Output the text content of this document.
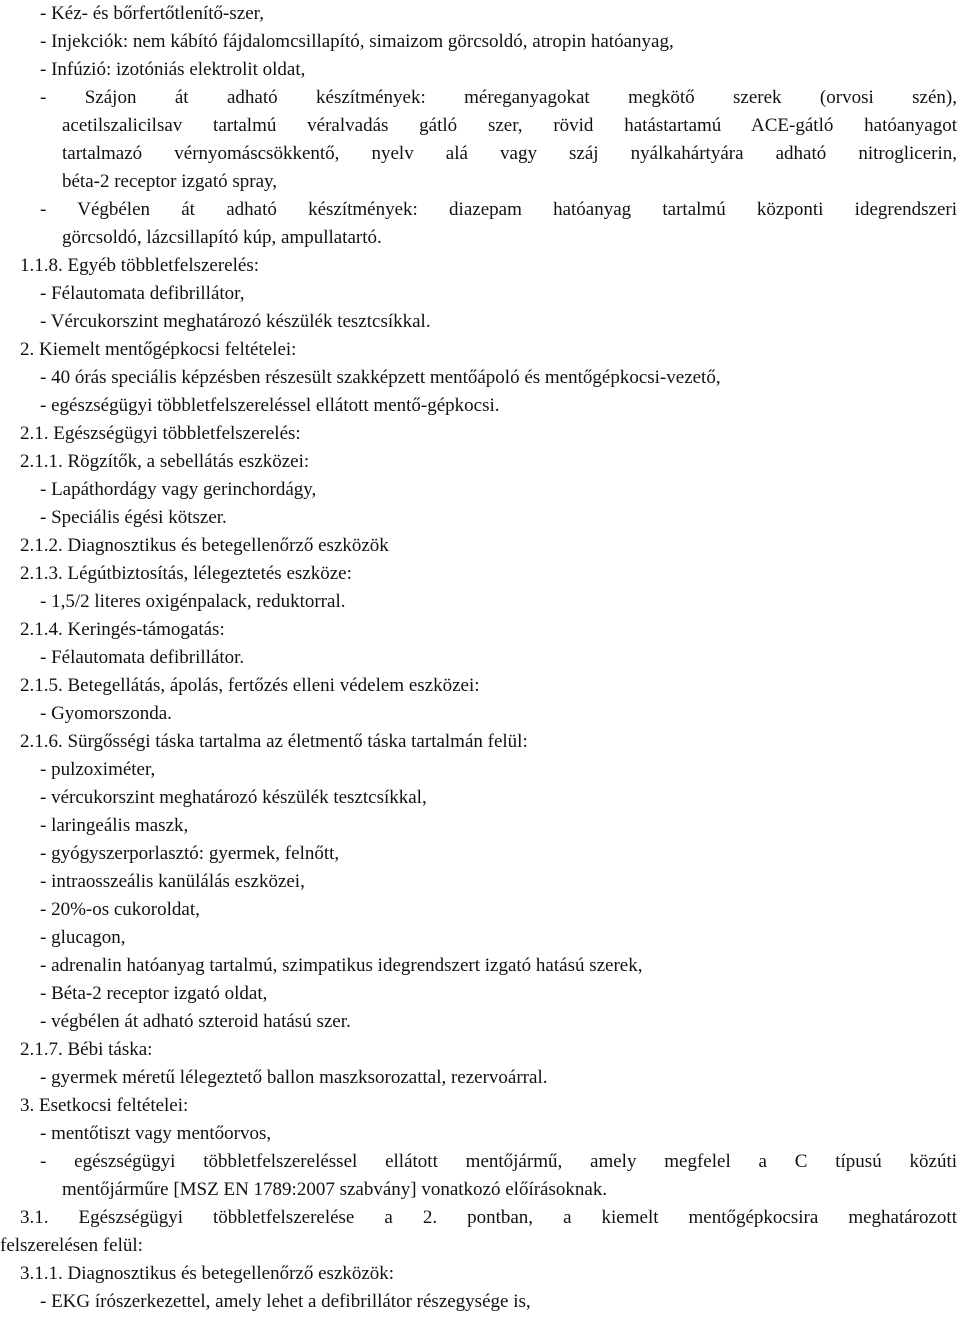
- Kéz- és bőrfertőtlenítő-szer,
- Injekciók: nem kábító fájdalomcsillapító, simaizom görcsoldó, atropin hatóanyag,
- Infúzió: izotóniás elektrolit oldat,
- Szájon át adható készítmények: méreganyagokat megkötő szerek (orvosi szén),
acetilszalicilsav tartalmú véralvadás gátló szer, rövid hatástartamú ACE-gátló hatóanyagot
tartalmazó vérnyomáscsökkentő, nyelv alá vagy száj nyálkahártyára adható nitroglicerin,
béta-2 receptor izgató spray,
- Végbélen át adható készítmények: diazepam hatóanyag tartalmú központi idegrendszeri
görcsoldó, lázcsillapító kúp, ampullatartó.
1.1.8. Egyéb többletfelszerelés:
- Félautomata defibrillátor,
- Vércukorszint meghatározó készülék tesztcsíkkal.
2. Kiemelt mentőgépkocsi feltételei:
- 40 órás speciális képzésben részesült szakképzett mentőápoló és mentőgépkocsi-vezető,
- egészségügyi többletfelszereléssel ellátott mentő-gépkocsi.
2.1. Egészségügyi többletfelszerelés:
2.1.1. Rögzítők, a sebellátás eszközei:
- Lapáthordágy vagy gerinchordágy,
- Speciális égési kötszer.
2.1.2. Diagnosztikus és betegellenőrző eszközök
2.1.3. Légútbiztosítás, lélegeztetés eszköze:
- 1,5/2 literes oxigénpalack, reduktorral.
2.1.4. Keringés-támogatás:
- Félautomata defibrillátor.
2.1.5. Betegellátás, ápolás, fertőzés elleni védelem eszközei:
- Gyomorszonda.
2.1.6. Sürgősségi táska tartalma az életmentő táska tartalmán felül:
- pulzoximéter,
- vércukorszint meghatározó készülék tesztcsíkkal,
- laringeális maszk,
- gyógyszerporlasztó: gyermek, felnőtt,
- intraosszeális kanülálás eszközei,
- 20%-os cukoroldat,
- glucagon,
- adrenalin hatóanyag tartalmú, szimpatikus idegrendszert izgató hatású szerek,
- Béta-2 receptor izgató oldat,
- végbélen át adható szteroid hatású szer.
2.1.7. Bébi táska:
- gyermek méretű lélegeztető ballon maszksorozattal, rezervoárral.
3. Esetkocsi feltételei:
- mentőtiszt vagy mentőorvos,
- egészségügyi többletfelszereléssel ellátott mentőjármű, amely megfelel a C típusú közúti
mentőjárműre [MSZ EN 1789:2007 szabvány] vonatkozó előírásoknak.
3.1. Egészségügyi többletfelszerelése a 2. pontban, a kiemelt mentőgépkocsira meghatározott
felszerelésen felül:
3.1.1. Diagnosztikus és betegellenőrző eszközök:
- EKG írószerkezettel, amely lehet a defibrillátor részegysége is,
